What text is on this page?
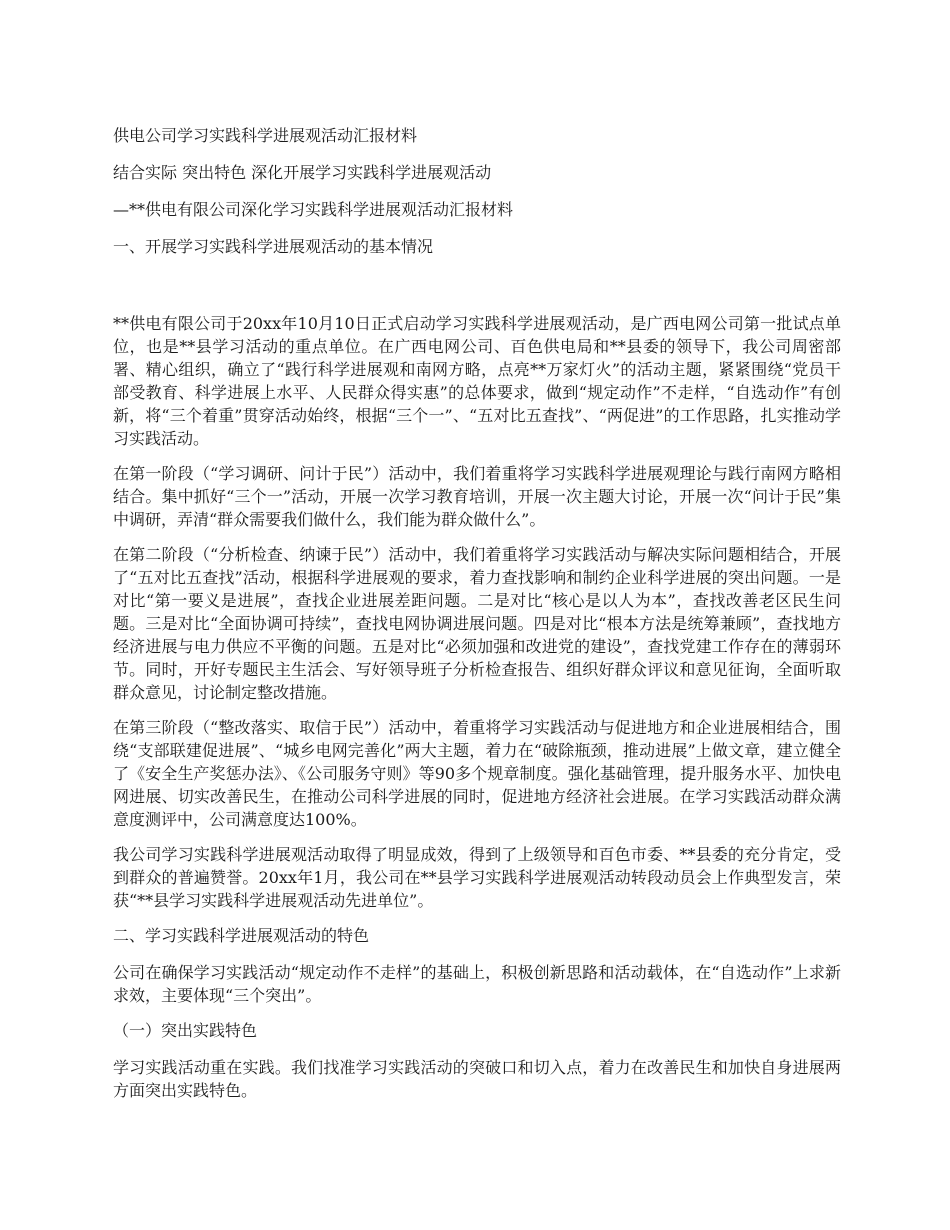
供电公司学习实践科学进展观活动汇报材料
结合实际 突出特色 深化开展学习实践科学进展观活动
—**供电有限公司深化学习实践科学进展观活动汇报材料
一、开展学习实践科学进展观活动的基本情况

**供电有限公司于20xx年10月10日正式启动学习实践科学进展观活动，是广西电网公司第一批试点单位，也是**县学习活动的重点单位。在广西电网公司、百色供电局和**县委的领导下，我公司周密部署、精心组织，确立了“践行科学进展观和南网方略，点亮**万家灯火”的活动主题，紧紧围绕“党员干部受教育、科学进展上水平、人民群众得实惠”的总体要求，做到“规定动作”不走样，“自选动作”有创新，将“三个着重”贯穿活动始终，根据“三个一”、“五对比五查找”、“两促进”的工作思路，扎实推动学习实践活动。

在第一阶段（“学习调研、问计于民”）活动中，我们着重将学习实践科学进展观理论与践行南网方略相结合。集中抓好“三个一”活动，开展一次学习教育培训，开展一次主题大讨论，开展一次“问计于民”集中调研，弄清“群众需要我们做什么，我们能为群众做什么”。

在第二阶段（“分析检查、纳谏于民”）活动中，我们着重将学习实践活动与解决实际问题相结合，开展了“五对比五查找”活动，根据科学进展观的要求，着力查找影响和制约企业科学进展的突出问题。一是对比“第一要义是进展”，查找企业进展差距问题。二是对比“核心是以人为本”，查找改善老区民生问题。三是对比“全面协调可持续”，查找电网协调进展问题。四是对比“根本方法是统筹兼顾”，查找地方经济进展与电力供应不平衡的问题。五是对比“必须加强和改进党的建设”，查找党建工作存在的薄弱环节。同时，开好专题民主生活会、写好领导班子分析检查报告、组织好群众评议和意见征询，全面听取群众意见，讨论制定整改措施。

在第三阶段（“整改落实、取信于民”）活动中，着重将学习实践活动与促进地方和企业进展相结合，围绕“支部联建促进展”、“城乡电网完善化”两大主题，着力在“破除瓶颈，推动进展”上做文章，建立健全了《安全生产奖惩办法》、《公司服务守则》等90多个规章制度。强化基础管理，提升服务水平、加快电网进展、切实改善民生，在推动公司科学进展的同时，促进地方经济社会进展。在学习实践活动群众满意度测评中，公司满意度达100%。

我公司学习实践科学进展观活动取得了明显成效，得到了上级领导和百色市委、**县委的充分肯定，受到群众的普遍赞誉。20xx年1月，我公司在**县学习实践科学进展观活动转段动员会上作典型发言，荣获“**县学习实践科学进展观活动先进单位”。

二、学习实践科学进展观活动的特色

公司在确保学习实践活动“规定动作不走样”的基础上，积极创新思路和活动载体，在“自选动作”上求新求效，主要体现“三个突出”。

（一）突出实践特色

学习实践活动重在实践。我们找准学习实践活动的突破口和切入点，着力在改善民生和加快自身进展两方面突出实践特色。
